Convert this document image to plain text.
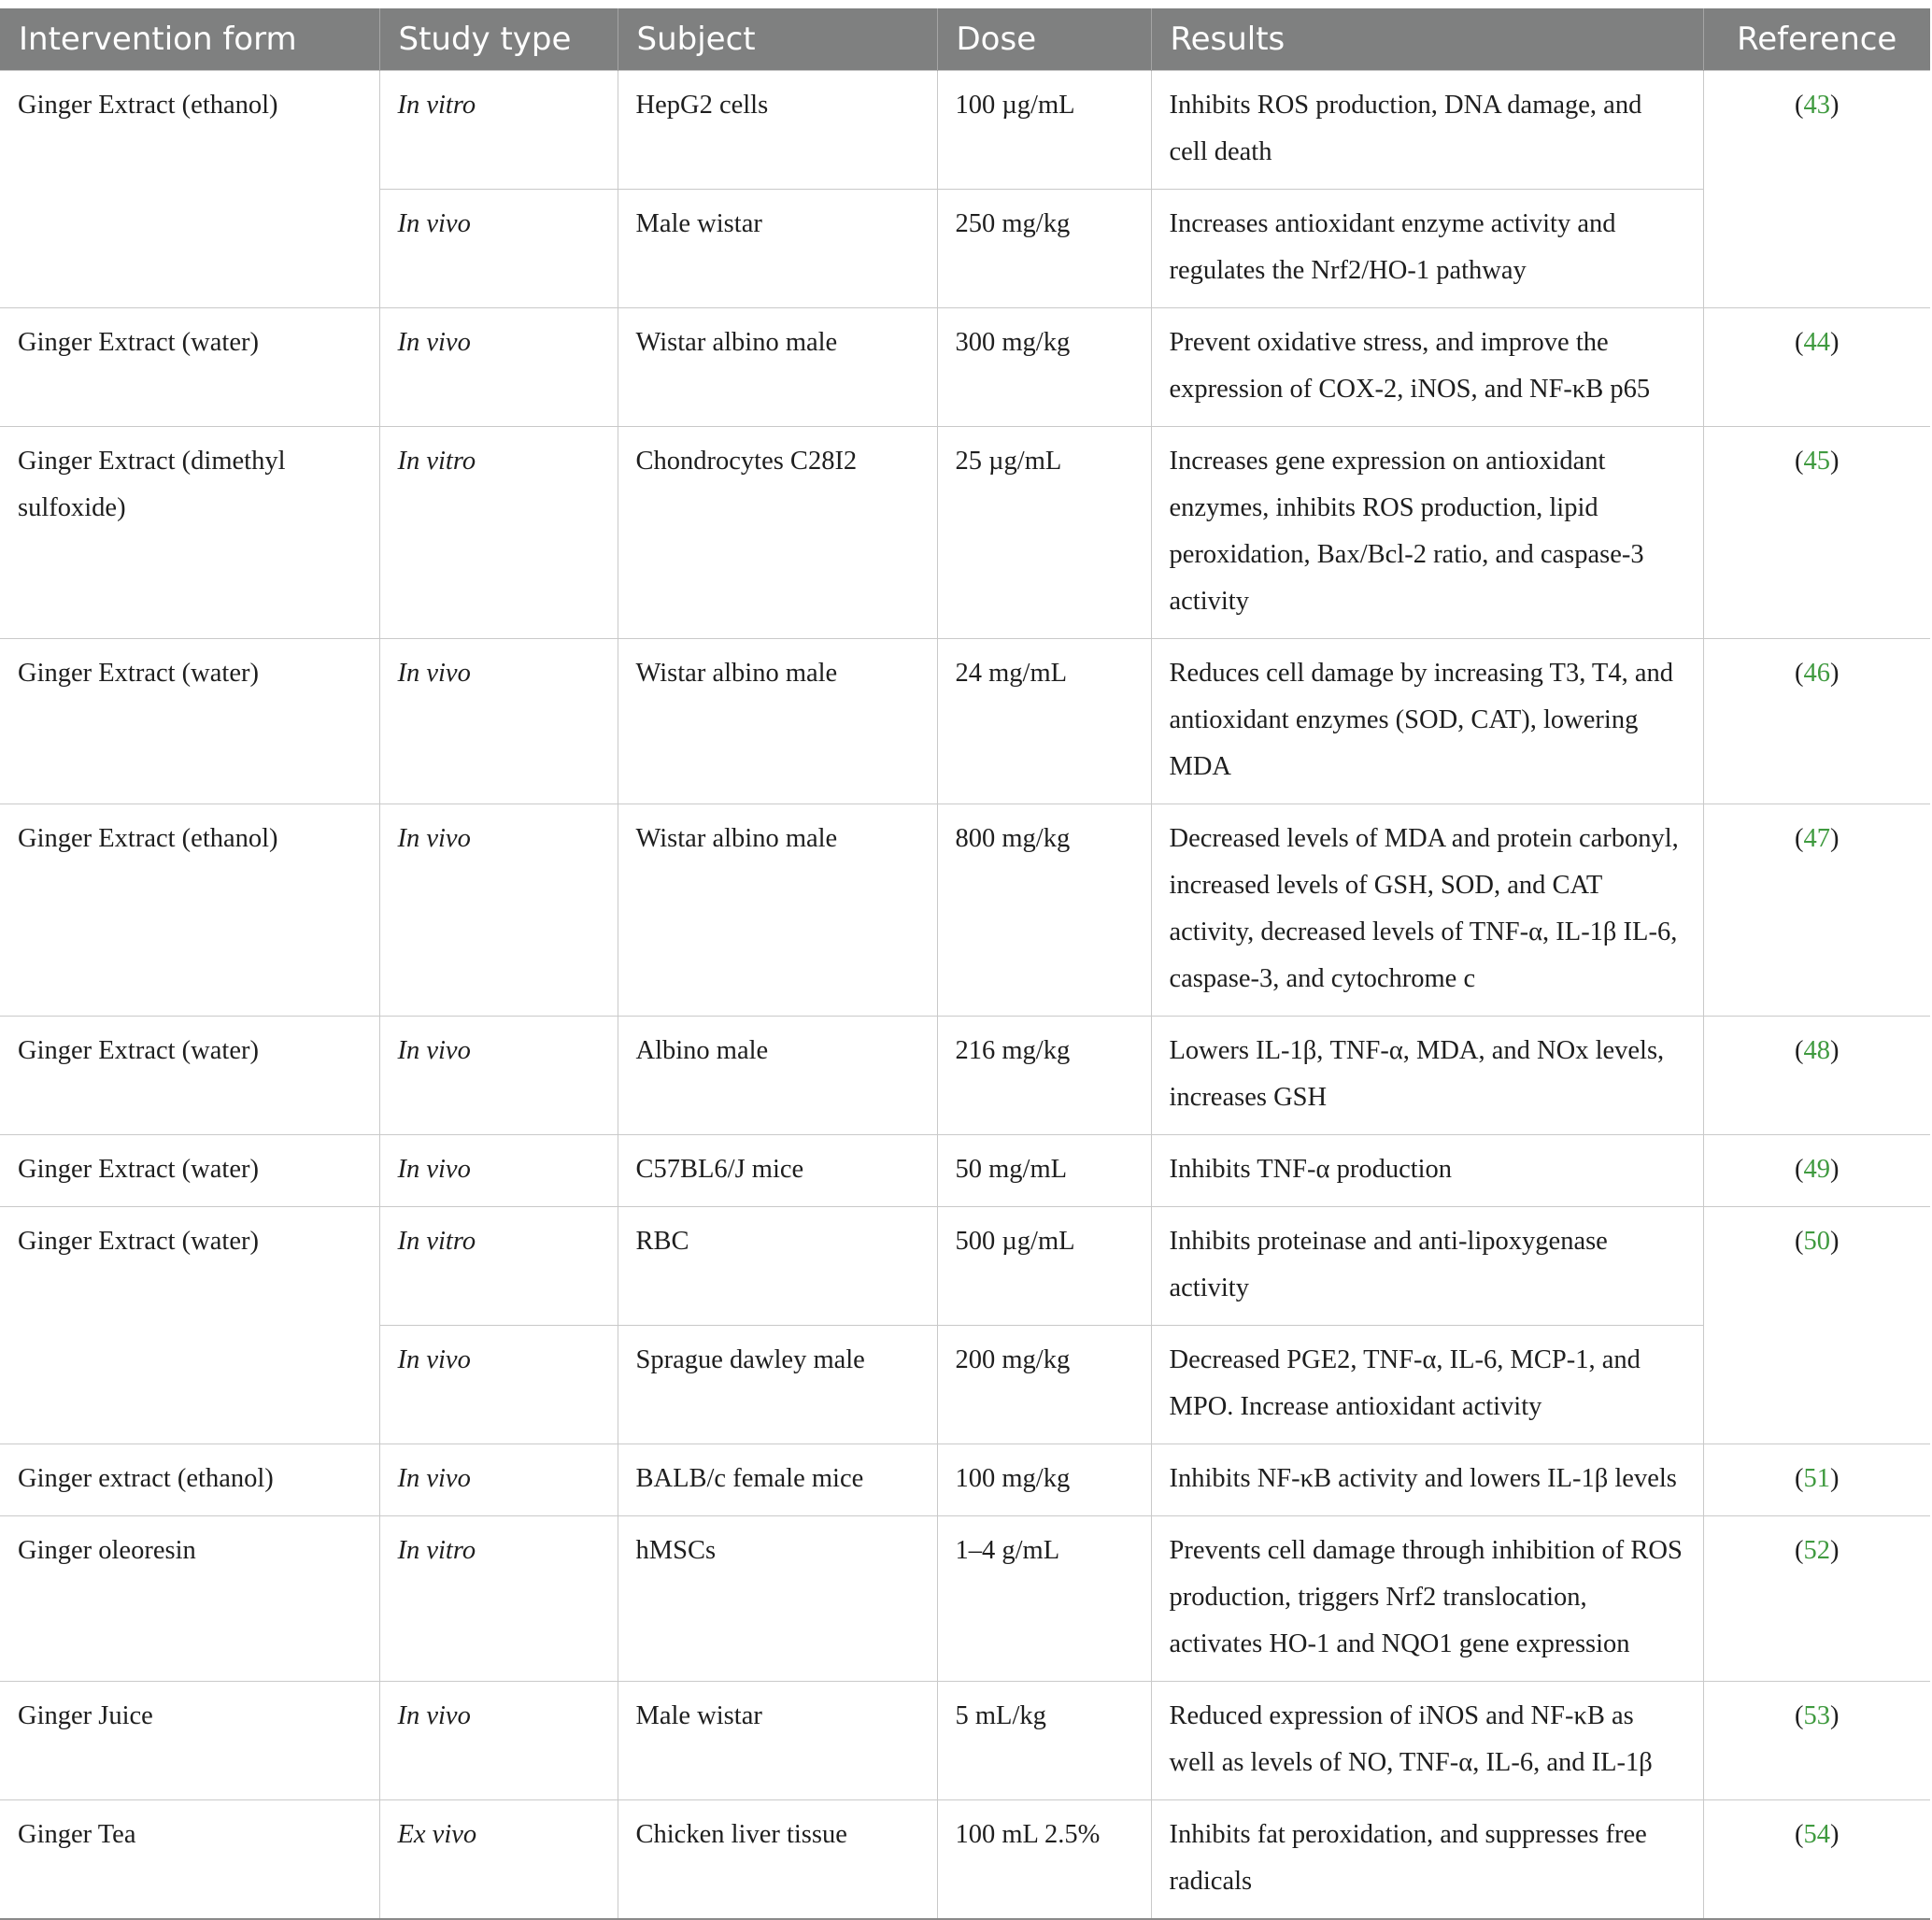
Intervention form	Study type	Subject	Dose	Results	Reference
Ginger Extract (ethanol)	In vitro	HepG2 cells	100 µg/mL	Inhibits ROS production, DNA damage, and cell death	(43)
	In vivo	Male wistar	250 mg/kg	Increases antioxidant enzyme activity and regulates the Nrf2/HO-1 pathway	
Ginger Extract (water)	In vivo	Wistar albino male	300 mg/kg	Prevent oxidative stress, and improve the expression of COX-2, iNOS, and NF-κB p65	(44)
Ginger Extract (dimethyl sulfoxide)	In vitro	Chondrocytes C28I2	25 µg/mL	Increases gene expression on antioxidant enzymes, inhibits ROS production, lipid peroxidation, Bax/Bcl-2 ratio, and caspase-3 activity	(45)
Ginger Extract (water)	In vivo	Wistar albino male	24 mg/mL	Reduces cell damage by increasing T3, T4, and antioxidant enzymes (SOD, CAT), lowering MDA	(46)
Ginger Extract (ethanol)	In vivo	Wistar albino male	800 mg/kg	Decreased levels of MDA and protein carbonyl, increased levels of GSH, SOD, and CAT activity, decreased levels of TNF-α, IL-1β IL-6, caspase-3, and cytochrome c	(47)
Ginger Extract (water)	In vivo	Albino male	216 mg/kg	Lowers IL-1β, TNF-α, MDA, and NOx levels, increases GSH	(48)
Ginger Extract (water)	In vivo	C57BL6/J mice	50 mg/mL	Inhibits TNF-α production	(49)
Ginger Extract (water)	In vitro	RBC	500 µg/mL	Inhibits proteinase and anti-lipoxygenase activity	(50)
	In vivo	Sprague dawley male	200 mg/kg	Decreased PGE2, TNF-α, IL-6, MCP-1, and MPO. Increase antioxidant activity	
Ginger extract (ethanol)	In vivo	BALB/c female mice	100 mg/kg	Inhibits NF-κB activity and lowers IL-1β levels	(51)
Ginger oleoresin	In vitro	hMSCs	1–4 g/mL	Prevents cell damage through inhibition of ROS production, triggers Nrf2 translocation, activates HO-1 and NQO1 gene expression	(52)
Ginger Juice	In vivo	Male wistar	5 mL/kg	Reduced expression of iNOS and NF-κB as well as levels of NO, TNF-α, IL-6, and IL-1β	(53)
Ginger Tea	Ex vivo	Chicken liver tissue	100 mL 2.5%	Inhibits fat peroxidation, and suppresses free radicals	(54)
